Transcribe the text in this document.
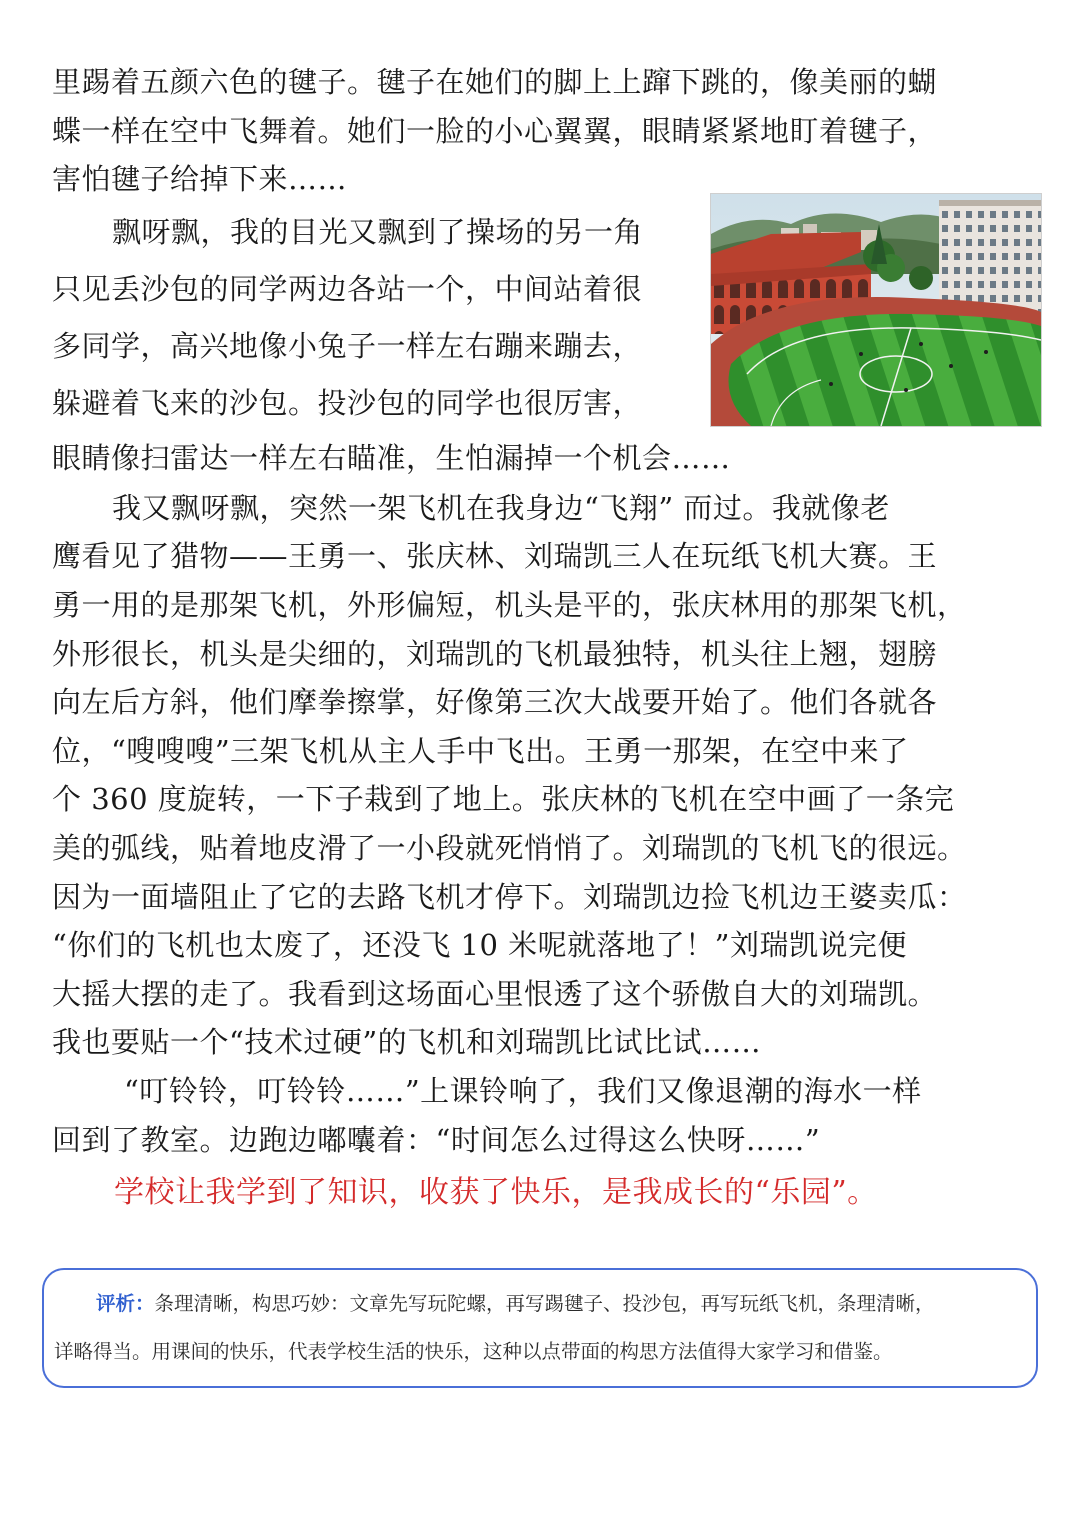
里踢着五颜六色的毽子。毽子在她们的脚上上蹿下跳的，像美丽的蝴
蝶一样在空中飞舞着。她们一脸的小心翼翼，眼睛紧紧地盯着毽子，
害怕毽子给掉下来……
飘呀飘，我的目光又飘到了操场的另一角
只见丢沙包的同学两边各站一个，中间站着很
多同学，高兴地像小兔子一样左右蹦来蹦去，
躲避着飞来的沙包。投沙包的同学也很厉害，
眼睛像扫雷达一样左右瞄准，生怕漏掉一个机会……
我又飘呀飘，突然一架飞机在我身边“飞翔” 而过。我就像老
鹰看见了猎物——王勇一、张庆林、刘瑞凯三人在玩纸飞机大赛。王
勇一用的是那架飞机，外形偏短，机头是平的，张庆林用的那架飞机，
外形很长，机头是尖细的，刘瑞凯的飞机最独特，机头往上翘，翅膀
向左后方斜，他们摩拳擦掌，好像第三次大战要开始了。他们各就各
位，“嗖嗖嗖”三架飞机从主人手中飞出。王勇一那架，在空中来了
个 360 度旋转，一下子栽到了地上。张庆林的飞机在空中画了一条完
美的弧线，贴着地皮滑了一小段就死悄悄了。刘瑞凯的飞机飞的很远。
因为一面墙阻止了它的去路飞机才停下。刘瑞凯边捡飞机边王婆卖瓜：
“你们的飞机也太废了，还没飞 10 米呢就落地了！”刘瑞凯说完便
大摇大摆的走了。我看到这场面心里恨透了这个骄傲自大的刘瑞凯。
我也要贴一个“技术过硬”的飞机和刘瑞凯比试比试……
“叮铃铃，叮铃铃……”上课铃响了，我们又像退潮的海水一样
回到了教室。边跑边嘟囔着：“时间怎么过得这么快呀……”
学校让我学到了知识，收获了快乐，是我成长的“乐园”。
评析：条理清晰，构思巧妙：文章先写玩陀螺，再写踢毽子、投沙包，再写玩纸飞机，条理清晰，
详略得当。用课间的快乐，代表学校生活的快乐，这种以点带面的构思方法值得大家学习和借鉴。
